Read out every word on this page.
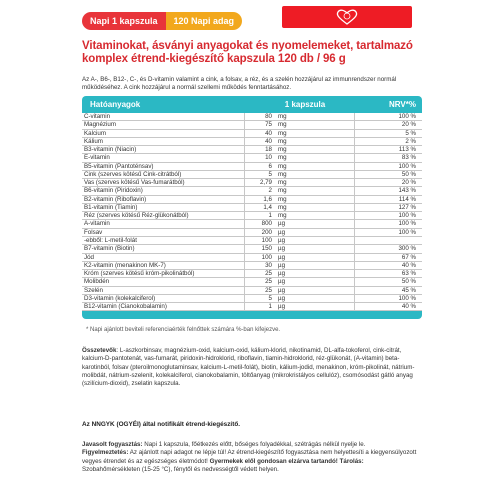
Napi 1 kapszula	120 Napi adag
Vitaminokat, ásványi anyagokat és nyomelemeket, tartalmazó komplex étrend-kiegészítő kapszula 120 db / 96 g
Az A-, B6-, B12-, C-, és D-vitamin valamint a cink, a folsav, a réz, és a szelén hozzájárul az immunrendszer normál működéséhez. A cink hozzájárul a normál szellemi működés fenntartásához.
Hatóanyagok	1 kapszula	NRV*%
C-vitamin	80 mg	100 %
Magnézium	75 mg	20 %
Kalcium	40 mg	5 %
Kálium	40 mg	2 %
B3-vitamin (Niacin)	18 mg	113 %
E-vitamin	10 mg	83 %
B5-vitamin (Pantoténsav)	6 mg	100 %
Cink (szerves kötésű Cink-citrátból)	5 mg	50 %
Vas (szerves kötésű Vas-fumarátból)	2,79 mg	20 %
B6-vitamin (Piridoxin)	2 mg	143 %
B2-vitamin (Riboflavin)	1,6 mg	114 %
B1-vitamin (Tiamin)	1,4 mg	127 %
Réz (szerves kötésű Réz-glükonátból)	1 mg	100 %
A-vitamin	800 µg	100 %
Folsav	200 µg	100 %
-ebből: L-metil-folát	100 µg
B7-vitamin (Biotin)	150 µg	300 %
Jód	100 µg	67 %
K2-vitamin (menakinon MK-7)	30 µg	40 %
Króm (szerves kötésű króm-pikolinátból)	25 µg	63 %
Molibdén	25 µg	50 %
Szelén	25 µg	45 %
D3-vitamin (kolekalciferol)	5 µg	100 %
B12-vitamin (Cianokobalamin)	1 µg	40 %
* Napi ajánlott beviteli referenciaérték felnőttek számára %-ban kifejezve.
Összetevők: L-aszkorbinsav, magnézium-oxid, kalcium-oxid, kálium-klorid, nikotinamid, DL-alfa-tokoferol, cink-citrát, kalcium-D-pantotenát, vas-fumarát, piridoxin-hidroklorid, riboflavin, tiamin-hidroklorid, réz-glükonát, (A-vitamin) beta-karotinból, folsav (pteroilmonoglutaminsav, kalcium-L-metil-folát), biotin, kálium-jodid, menakinon, króm-pikolinát, nátrium-molibdát, nátrium-szelenit, kolekalciferol, cianokobalamin, töltőanyag (mikrokristályos cellulóz), csomósodást gátló anyag (szilícium-dioxid), zselatin kapszula.
Az NNGYK (OGYÉI) által notifikált étrend-kiegészítő.
Javasolt fogyasztás: Napi 1 kapszula, főétkezés előtt, bőséges folyadékkal, szétrágás nélkül nyelje le.
Figyelmeztetés: Az ajánlott napi adagot ne lépje túl! Az étrend-kiegészítő fogyasztása nem helyettesíti a kiegyensúlyozott vegyes étrendet és az egészséges életmódot! Gyermekek elől gondosan elzárva tartandó! Tárolás: Szobahőmérsékleten (15-25 °C), fénytől és nedvességtől védett helyen.
